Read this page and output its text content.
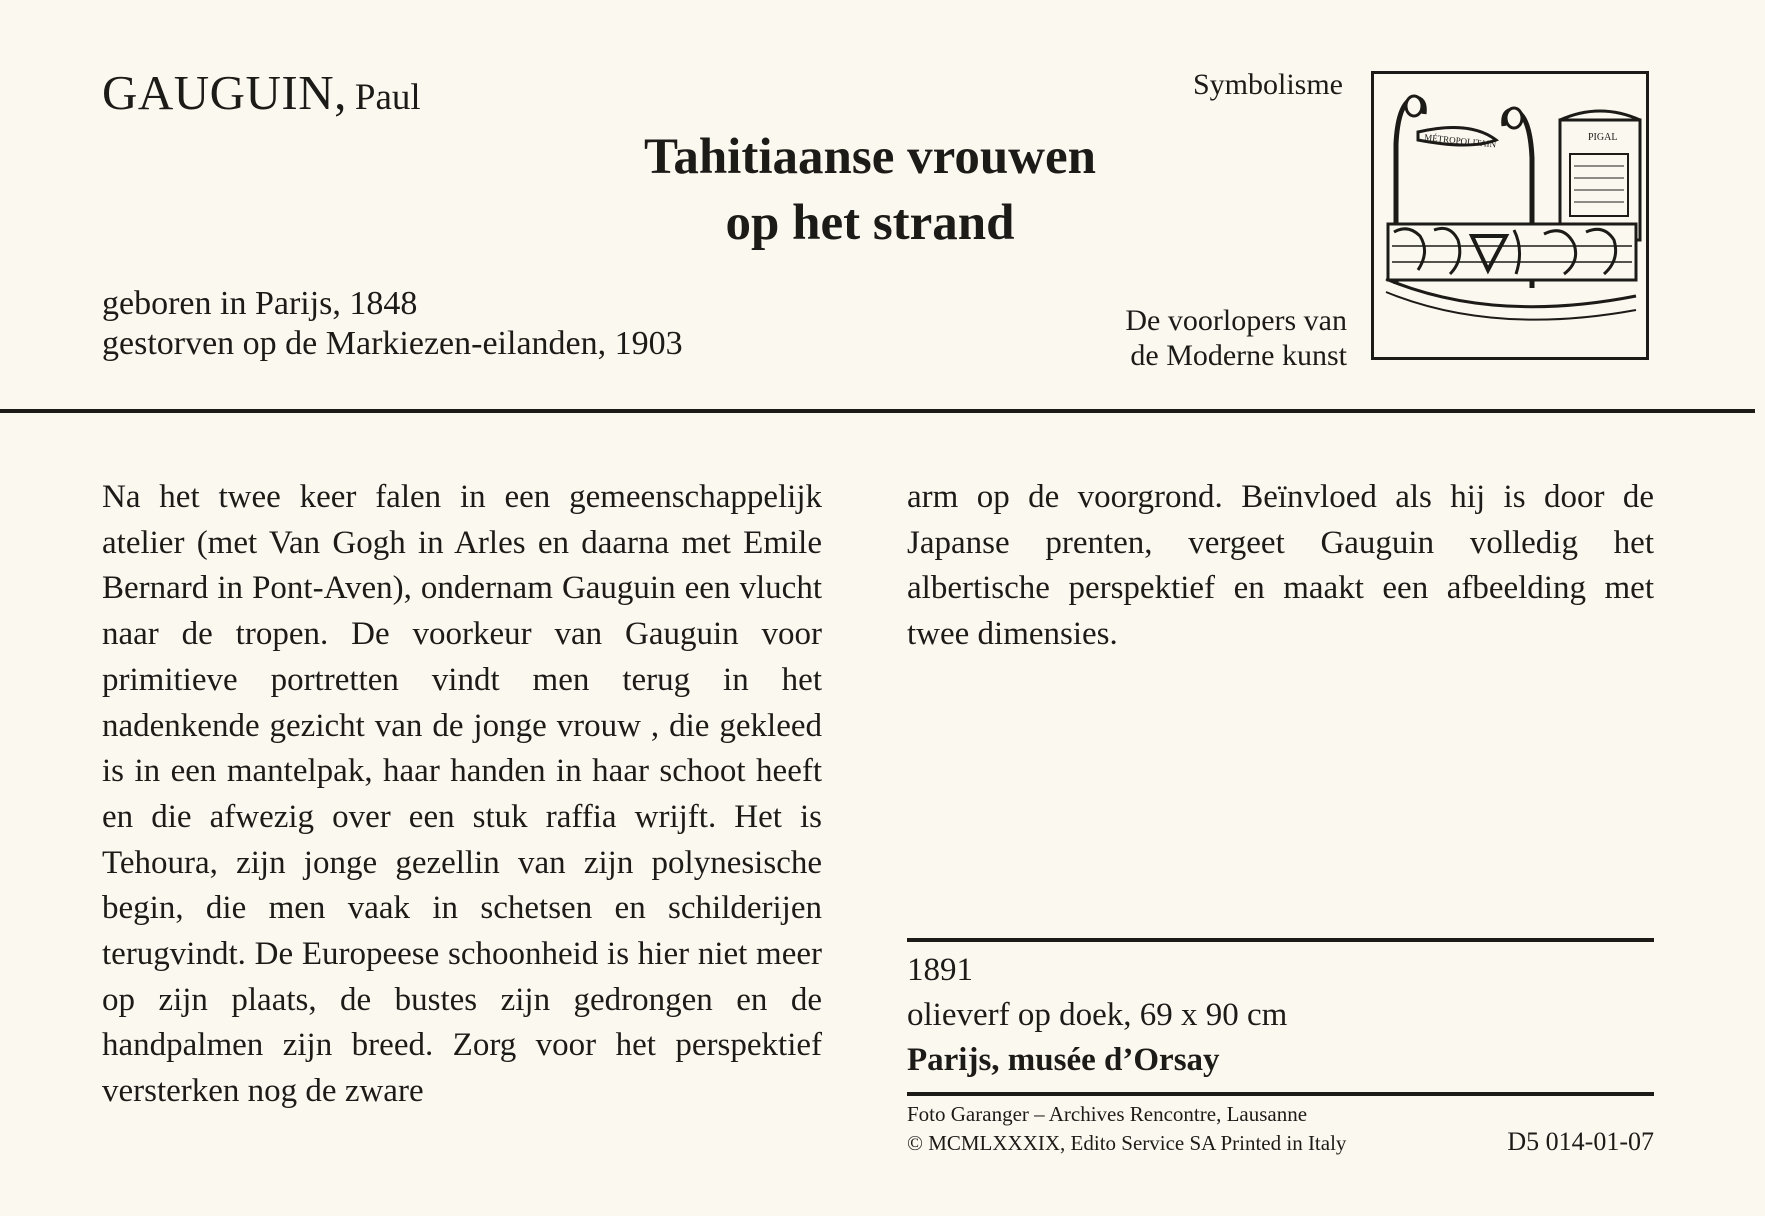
GAUGUIN, Paul
Tahitiaanse vrouwen
op het strand
geboren in Parijs, 1848
gestorven op de Markiezen-eilanden, 1903
Symbolisme
De voorlopers van
de Moderne kunst
MÉTROPOLITAIN	PIGAL

Na het twee keer falen in een gemeenschappelijk atelier (met Van Gogh in Arles en daarna met Emile Bernard in Pont-Aven), ondernam Gauguin een vlucht naar de tropen. De voorkeur van Gauguin voor primitieve portretten vindt men terug in het nadenkende gezicht van de jonge vrouw , die gekleed is in een mantelpak, haar handen in haar schoot heeft en die afwezig over een stuk raffia wrijft. Het is Tehoura, zijn jonge gezellin van zijn polynesische begin, die men vaak in schetsen en schilderijen terugvindt. De Europeese schoonheid is hier niet meer op zijn plaats, de bustes zijn gedrongen en de handpalmen zijn breed. Zorg voor het perspektief versterken nog de zware

arm op de voorgrond. Beïnvloed als hij is door de Japanse prenten, vergeet Gauguin volledig het albertische perspektief en maakt een afbeelding met twee dimensies.

1891
olieverf op doek, 69 x 90 cm
Parijs, musée d’Orsay
Foto Garanger – Archives Rencontre, Lausanne
© MCMLXXXIX, Edito Service SA Printed in Italy	D5 014-01-07
